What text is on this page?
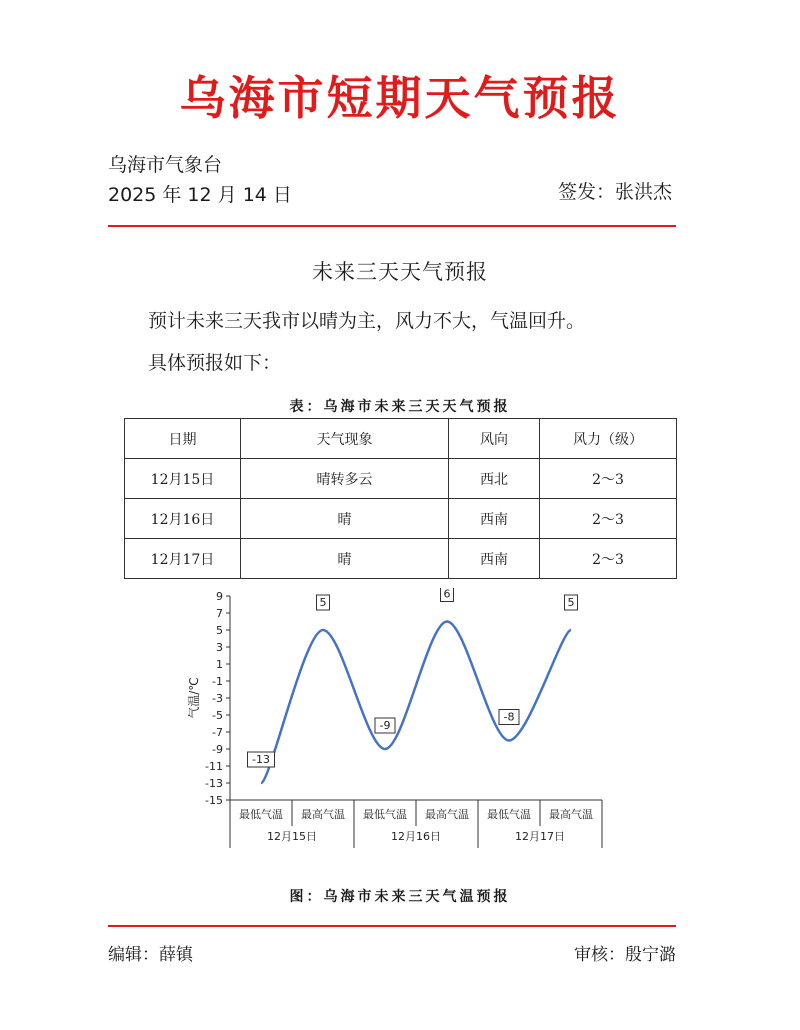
乌海市短期天气预报
乌海市气象台
2025 年 12 月 14 日	签发：张洪杰
未来三天天气预报
预计未来三天我市以晴为主，风力不大，气温回升。
具体预报如下：
表：乌海市未来三天天气预报
日期	天气现象	风向	风力（级）
12月15日	晴转多云	西北	2～3
12月16日	晴	西南	2～3
12月17日	晴	西南	2～3
9
7
5
3
1
-1
-3
-5
-7
-9
-11
-13
-15
气温/℃
最低气温 最高气温 最低气温 最高气温 最低气温 最高气温
12月15日	12月16日	12月17日
-13
5
-9
6
-8
5
图：乌海市未来三天气温预报
编辑：薛镇	审核：殷宁潞
